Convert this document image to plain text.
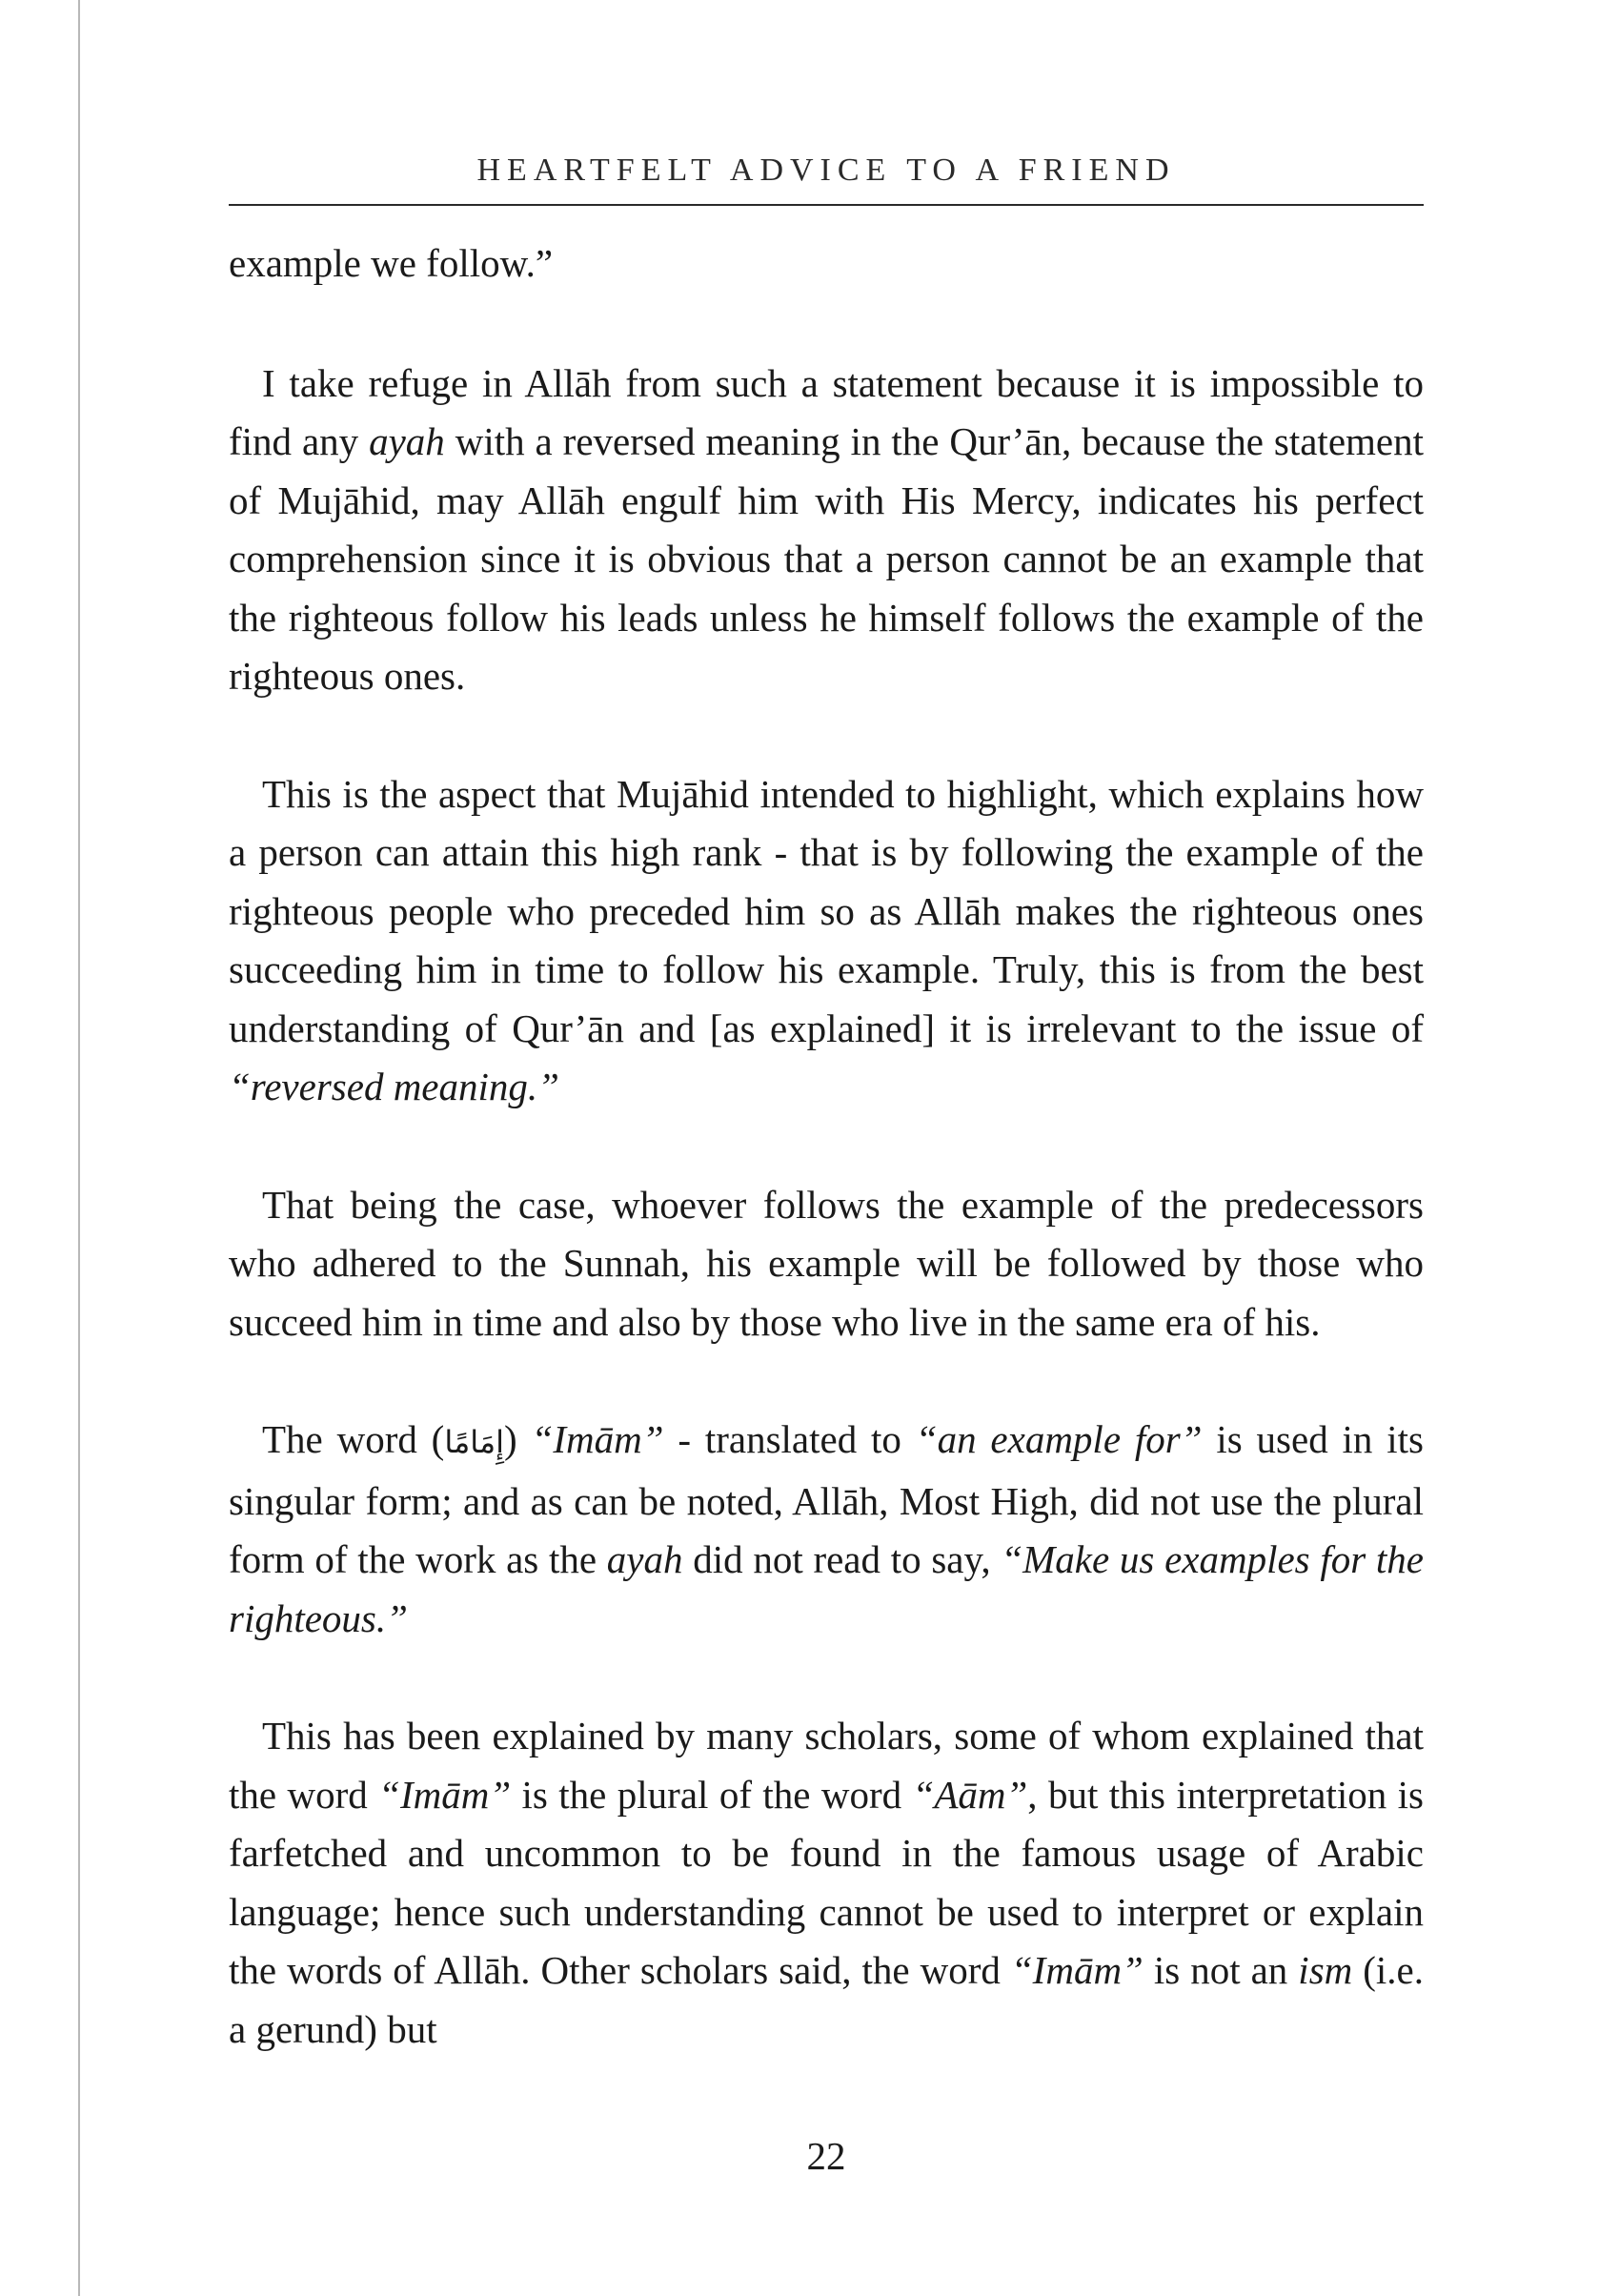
HEARTFELT ADVICE TO A FRIEND

example we follow.”

I take refuge in Allāh from such a statement because it is impossible to find any ayah with a reversed meaning in the Qur’ān, because the statement of Mujāhid, may Allāh engulf him with His Mercy, indicates his perfect comprehension since it is obvious that a person cannot be an example that the righteous follow his leads unless he himself follows the example of the righteous ones.

This is the aspect that Mujāhid intended to highlight, which explains how a person can attain this high rank - that is by following the example of the righteous people who preceded him so as Allāh makes the righteous ones succeeding him in time to follow his example. Truly, this is from the best understanding of Qur’ān and [as explained] it is irrelevant to the issue of “reversed meaning.”

That being the case, whoever follows the example of the predecessors who adhered to the Sunnah, his example will be followed by those who succeed him in time and also by those who live in the same era of his.

The word (إِمَامًا) “Imām” - translated to “an example for” is used in its singular form; and as can be noted, Allāh, Most High, did not use the plural form of the work as the ayah did not read to say, “Make us examples for the righteous.”

This has been explained by many scholars, some of whom explained that the word “Imām” is the plural of the word “Aām”, but this interpretation is farfetched and uncommon to be found in the famous usage of Arabic language; hence such understanding cannot be used to interpret or explain the words of Allāh. Other scholars said, the word “Imām” is not an ism (i.e. a gerund) but

22
